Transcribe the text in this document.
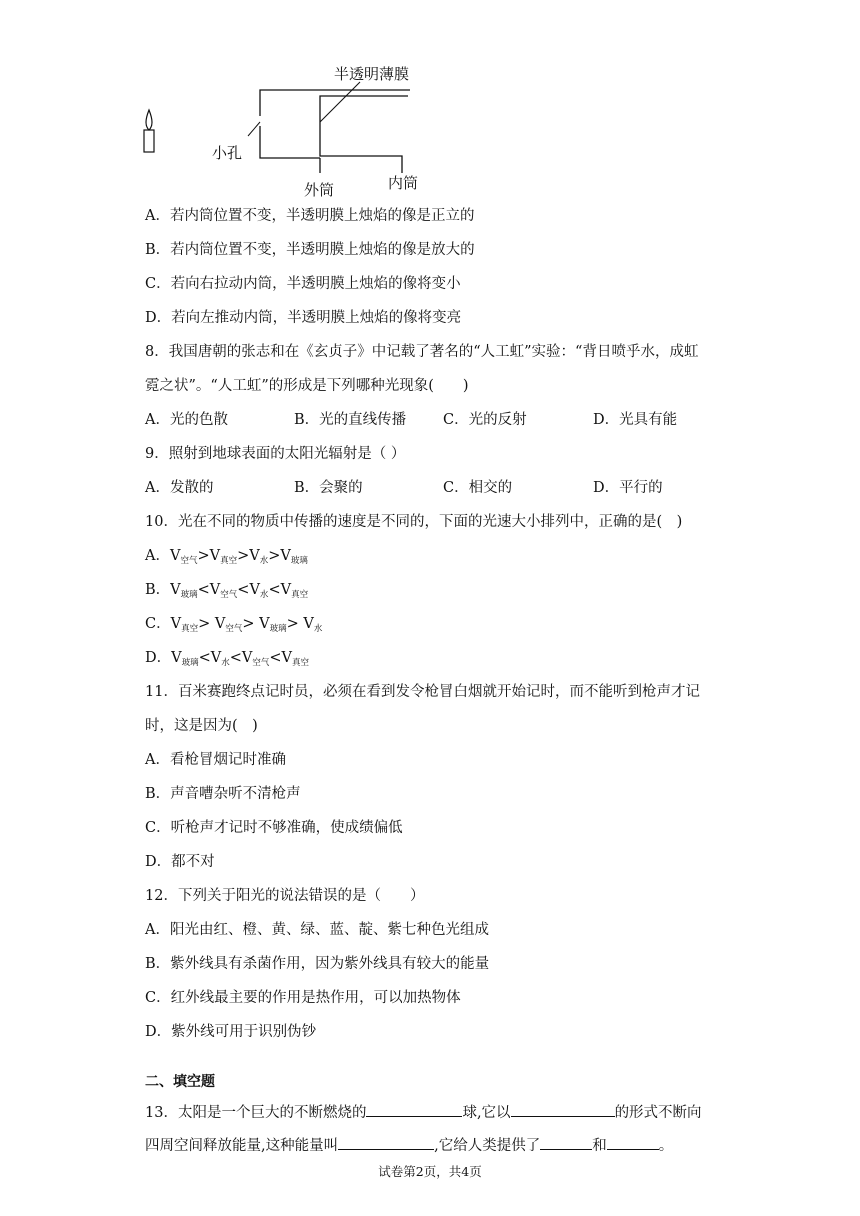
半透明薄膜
小孔
外筒	内筒
A．若内筒位置不变，半透明膜上烛焰的像是正立的
B．若内筒位置不变，半透明膜上烛焰的像是放大的
C．若向右拉动内筒，半透明膜上烛焰的像将变小
D．若向左推动内筒，半透明膜上烛焰的像将变亮
8．我国唐朝的张志和在《玄贞子》中记载了著名的“人工虹”实验：“背日喷乎水，成虹
霓之状”。“人工虹”的形成是下列哪种光现象(　　)
A．光的色散	B．光的直线传播	C．光的反射	D．光具有能
9．照射到地球表面的太阳光辐射是（ ）
A．发散的	B．会聚的	C．相交的	D．平行的
10．光在不同的物质中传播的速度是不同的，下面的光速大小排列中，正确的是(　)
A．$V_{空气}>V_{真空}>V_水>V_{玻璃}$
B．$V_{玻璃}<V_{空气}<V_水<V_{真空}$
C．$V_{真空}> V_{空气}> V_{玻璃}> V_水$
D．$V_{玻璃}<V_水<V_{空气}<V_{真空}$
11．百米赛跑终点记时员，必须在看到发令枪冒白烟就开始记时，而不能听到枪声才记
时，这是因为(　)
A．看枪冒烟记时准确
B．声音嘈杂听不清枪声
C．听枪声才记时不够准确，使成绩偏低
D．都不对
12．下列关于阳光的说法错误的是（　　）
A．阳光由红、橙、黄、绿、蓝、靛、紫七种色光组成
B．紫外线具有杀菌作用，因为紫外线具有较大的能量
C．红外线最主要的作用是热作用，可以加热物体
D．紫外线可用于识别伪钞
二、填空题
13．太阳是一个巨大的不断燃烧的	球,它以	的形式不断向
四周空间释放能量,这种能量叫	,它给人类提供了	和	。
试卷第2页，共4页
